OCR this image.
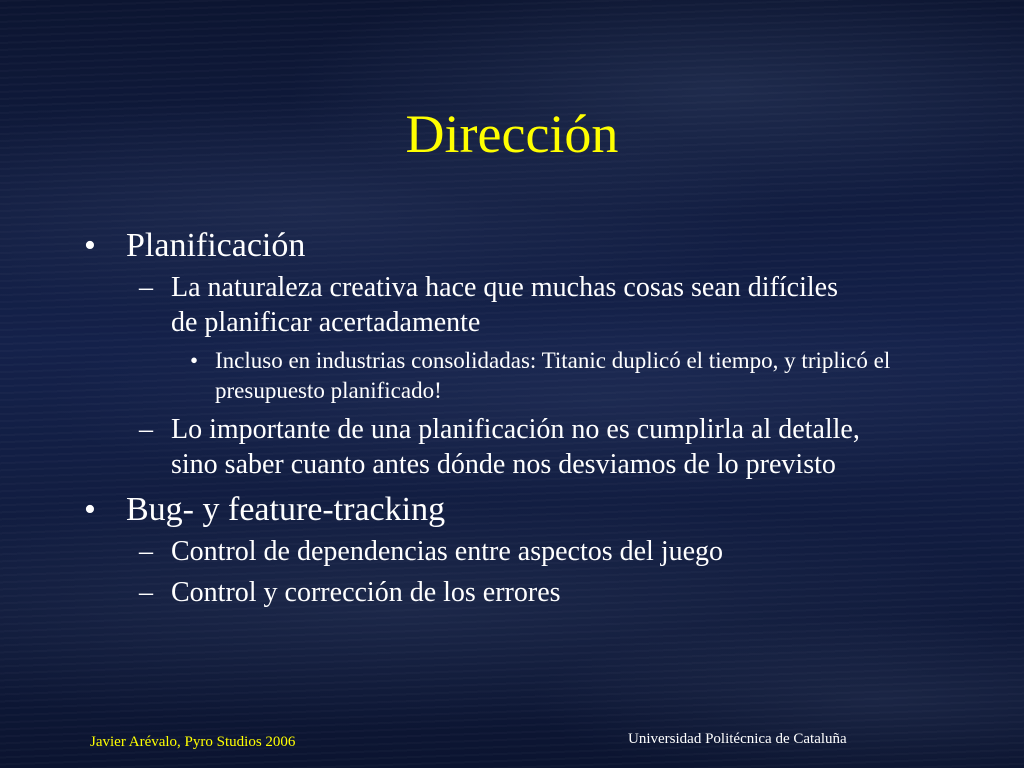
Dirección
• Planificación
– La naturaleza creativa hace que muchas cosas sean difíciles de planificar acertadamente
• Incluso en industrias consolidadas: Titanic duplicó el tiempo, y triplicó el presupuesto planificado!
– Lo importante de una planificación no es cumplirla al detalle, sino saber cuanto antes dónde nos desviamos de lo previsto
• Bug- y feature-tracking
– Control de dependencias entre aspectos del juego
– Control y corrección de los errores
Javier Arévalo, Pyro Studios 2006	Universidad Politécnica de Cataluña
